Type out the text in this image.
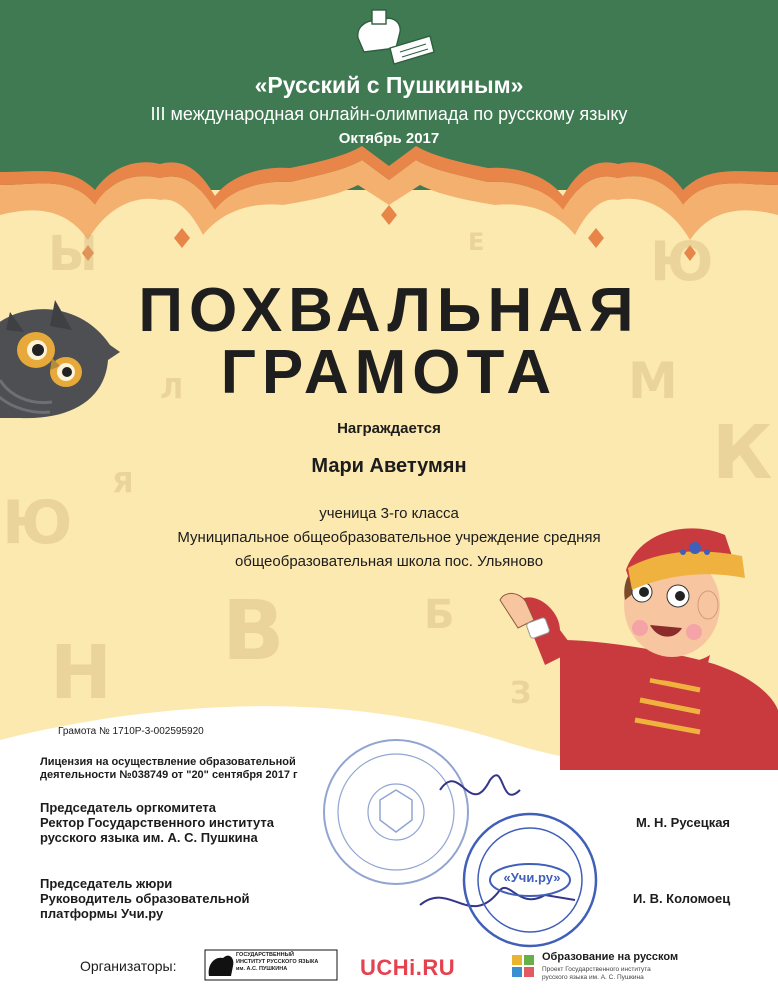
Ы	Е	Ю
Л	М
К
Я
Ю
В	Б
Н	З
«Русский с Пушкиным»
III международная онлайн-олимпиада по русскому языку
Октябрь 2017
ПОХВАЛЬНАЯ
ГРАМОТА
Награждается
Мари Аветумян
ученица 3-го класса
Муниципальное общеобразовательное учреждение средняя
общеобразовательная школа пос. Ульяново
Грамота № 1710Р-3-002595920
Лицензия на осуществление образовательной
деятельности №038749 от "20" сентября 2017 г
Председатель оргкомитета
Ректор Государственного института
русского языка им. А. С. Пушкина
М. Н. Русецкая
Председатель жюри
Руководитель образовательной
платформы Учи.ру
И. В. Коломоец
«Учи.ру»
Организаторы:
ГОСУДАРСТВЕННЫЙ
ИНСТИТУТ РУССКОГО ЯЗЫКА
им. А.С. ПУШКИНА	UCHi.RU	Образование на русском
Проект Государственного института
русского языка им. А. С. Пушкина
